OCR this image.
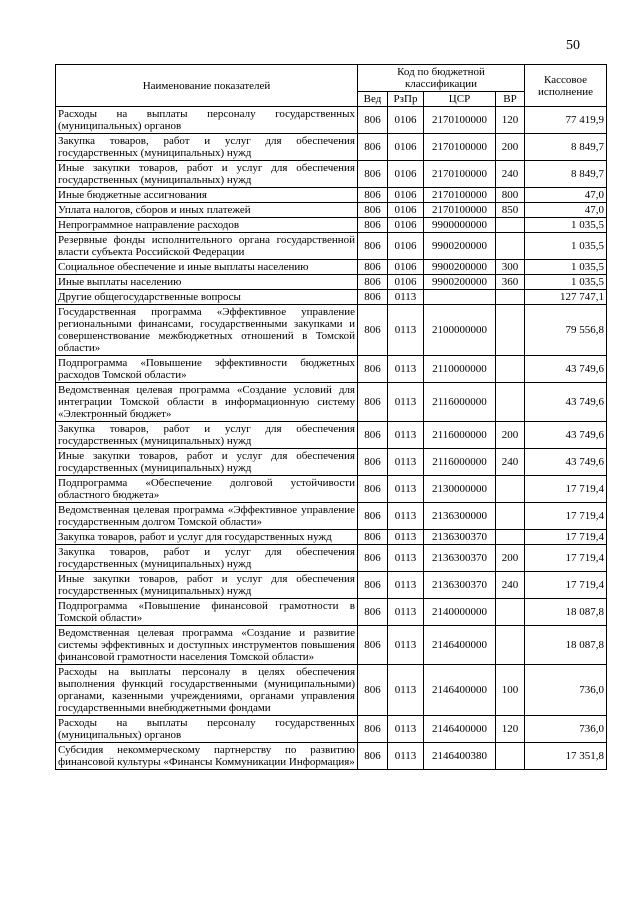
50
Наименование показателей	Код по бюджетной классификации				Кассовое исполнение
	Вед	РзПр	ЦСР	ВР	
Расходы на выплаты персоналу государственных (муниципальных) органов	806	0106	2170100000	120	77 419,9
Закупка товаров, работ и услуг для обеспечения государственных (муниципальных) нужд	806	0106	2170100000	200	8 849,7
Иные закупки товаров, работ и услуг для обеспечения государственных (муниципальных) нужд	806	0106	2170100000	240	8 849,7
Иные бюджетные ассигнования	806	0106	2170100000	800	47,0
Уплата налогов, сборов и иных платежей	806	0106	2170100000	850	47,0
Непрограммное направление расходов	806	0106	9900000000		1 035,5
Резервные фонды исполнительного органа государственной власти субъекта Российской Федерации	806	0106	9900200000		1 035,5
Социальное обеспечение и иные выплаты населению	806	0106	9900200000	300	1 035,5
Иные выплаты населению	806	0106	9900200000	360	1 035,5
Другие общегосударственные вопросы	806	0113			127 747,1
Государственная программа «Эффективное управление региональными финансами, государственными закупками и совершенствование межбюджетных отношений в Томской области»	806	0113	2100000000		79 556,8
Подпрограмма «Повышение эффективности бюджетных расходов Томской области»	806	0113	2110000000		43 749,6
Ведомственная целевая программа «Создание условий для интеграции Томской области в информационную систему «Электронный бюджет»	806	0113	2116000000		43 749,6
Закупка товаров, работ и услуг для обеспечения государственных (муниципальных) нужд	806	0113	2116000000	200	43 749,6
Иные закупки товаров, работ и услуг для обеспечения государственных (муниципальных) нужд	806	0113	2116000000	240	43 749,6
Подпрограмма «Обеспечение долговой устойчивости областного бюджета»	806	0113	2130000000		17 719,4
Ведомственная целевая программа «Эффективное управление государственным долгом Томской области»	806	0113	2136300000		17 719,4
Закупка товаров, работ и услуг для государственных нужд	806	0113	2136300370		17 719,4
Закупка товаров, работ и услуг для обеспечения государственных (муниципальных) нужд	806	0113	2136300370	200	17 719,4
Иные закупки товаров, работ и услуг для обеспечения государственных (муниципальных) нужд	806	0113	2136300370	240	17 719,4
Подпрограмма «Повышение финансовой грамотности в Томской области»	806	0113	2140000000		18 087,8
Ведомственная целевая программа «Создание и развитие системы эффективных и доступных инструментов повышения финансовой грамотности населения Томской области»	806	0113	2146400000		18 087,8
Расходы на выплаты персоналу в целях обеспечения выполнения функций государственными (муниципальными) органами, казенными учреждениями, органами управления государственными внебюджетными фондами	806	0113	2146400000	100	736,0
Расходы на выплаты персоналу государственных (муниципальных) органов	806	0113	2146400000	120	736,0
Субсидия некоммерческому партнерству по развитию финансовой культуры «Финансы Коммуникации Информация»	806	0113	2146400380		17 351,8
